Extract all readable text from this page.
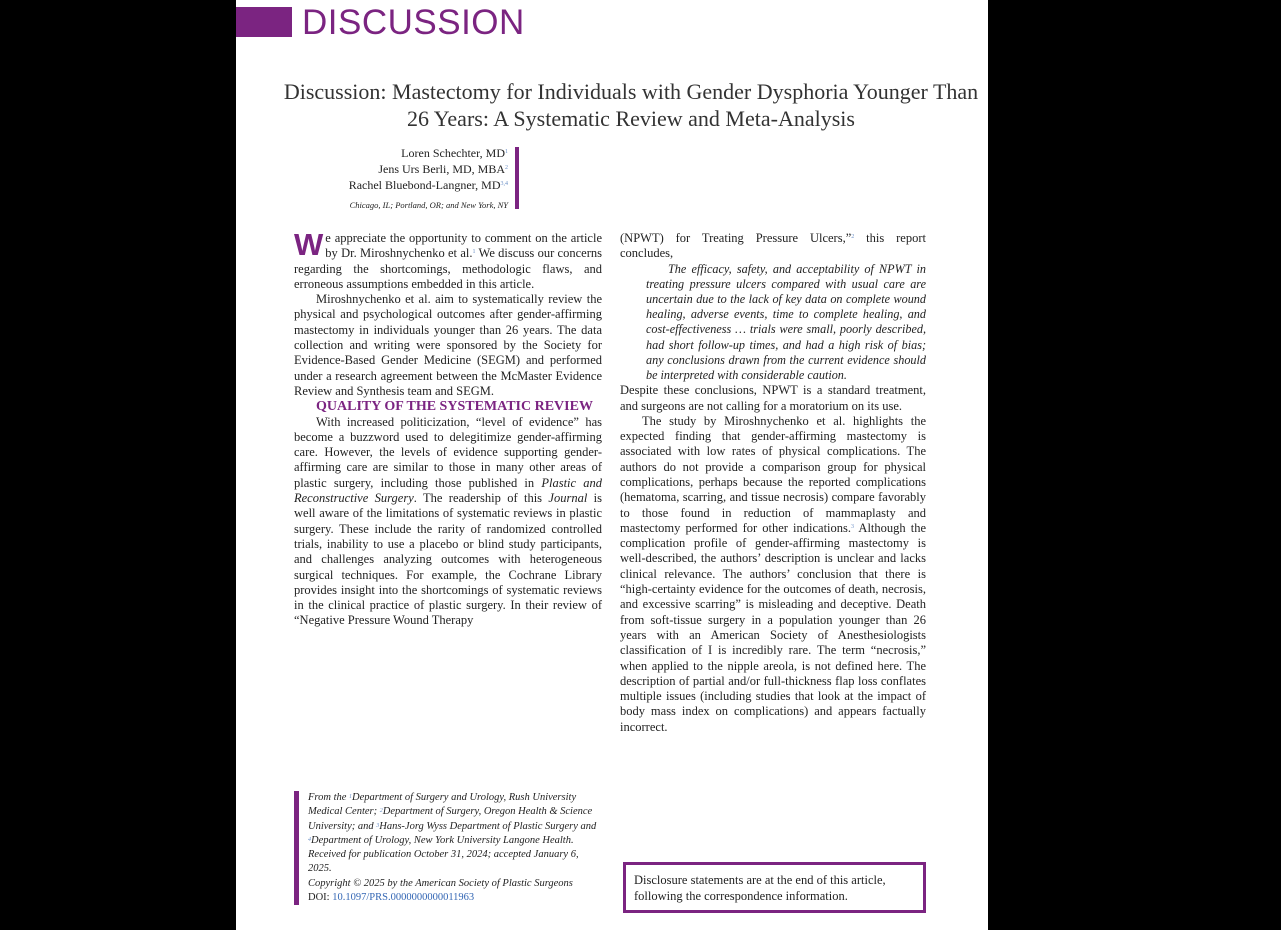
DISCUSSION
Discussion: Mastectomy for Individuals with Gender Dysphoria Younger Than 26 Years: A Systematic Review and Meta-Analysis
Loren Schechter, $MD^1$
Jens Urs Berli, MD, MBA$^2$
Rachel Bluebond-Langner, MD$^{3,4}$
Chicago, IL; Portland, OR; and New York, NY

We appreciate the opportunity to comment on the article by Dr. Miroshnychenko et al.$^1$ We discuss our concerns regarding the shortcomings, methodologic flaws, and erroneous assumptions embedded in this article.

Miroshnychenko et al. aim to systematically review the physical and psychological outcomes after gender-affirming mastectomy in individuals younger than 26 years. The data collection and writing were sponsored by the Society for Evidence-Based Gender Medicine (SEGM) and performed under a research agreement between the McMaster Evidence Review and Synthesis team and SEGM.

QUALITY OF THE SYSTEMATIC REVIEW

With increased politicization, “level of evidence” has become a buzzword used to delegitimize gender-affirming care. However, the levels of evidence supporting gender-affirming care are similar to those in many other areas of plastic surgery, including those published in Plastic and Reconstructive Surgery. The readership of this Journal is well aware of the limitations of systematic reviews in plastic surgery. These include the rarity of randomized controlled trials, inability to use a placebo or blind study participants, and challenges analyzing outcomes with heterogeneous surgical techniques. For example, the Cochrane Library provides insight into the shortcomings of systematic reviews in the clinical practice of plastic surgery. In their review of “Negative Pressure Wound Therapy

(NPWT) for Treating Pressure Ulcers,”$^2$ this report concludes,

The efficacy, safety, and acceptability of NPWT in treating pressure ulcers compared with usual care are uncertain due to the lack of key data on complete wound healing, adverse events, time to complete healing, and cost-effectiveness … trials were small, poorly described, had short follow-up times, and had a high risk of bias; any conclusions drawn from the current evidence should be interpreted with considerable caution.

Despite these conclusions, NPWT is a standard treatment, and surgeons are not calling for a moratorium on its use.

The study by Miroshnychenko et al. highlights the expected finding that gender-affirming mastectomy is associated with low rates of physical complications. The authors do not provide a comparison group for physical complications, perhaps because the reported complications (hematoma, scarring, and tissue necrosis) compare favorably to those found in reduction of mammaplasty and mastectomy performed for other indications.$^3$ Although the complication profile of gender-affirming mastectomy is well-described, the authors’ description is unclear and lacks clinical relevance. The authors’ conclusion that there is “high-certainty evidence for the outcomes of death, necrosis, and excessive scarring” is misleading and deceptive. Death from soft-tissue surgery in a population younger than 26 years with an American Society of Anesthesiologists classification of I is incredibly rare. The term “necrosis,” when applied to the nipple areola, is not defined here. The description of partial and/or full-thickness flap loss conflates multiple issues (including studies that look at the impact of body mass index on complications) and appears factually incorrect.

From the $^1$Department of Surgery and Urology, Rush University Medical Center; $^2$Department of Surgery, Oregon Health & Science University; and $^3$Hans-Jorg Wyss Department of Plastic Surgery and $^4$Department of Urology, New York University Langone Health.
Received for publication October 31, 2024; accepted January 6, 2025.
Copyright © 2025 by the American Society of Plastic Surgeons
DOI: 10.1097/PRS.0000000000011963
Disclosure statements are at the end of this article, following the correspondence information.
